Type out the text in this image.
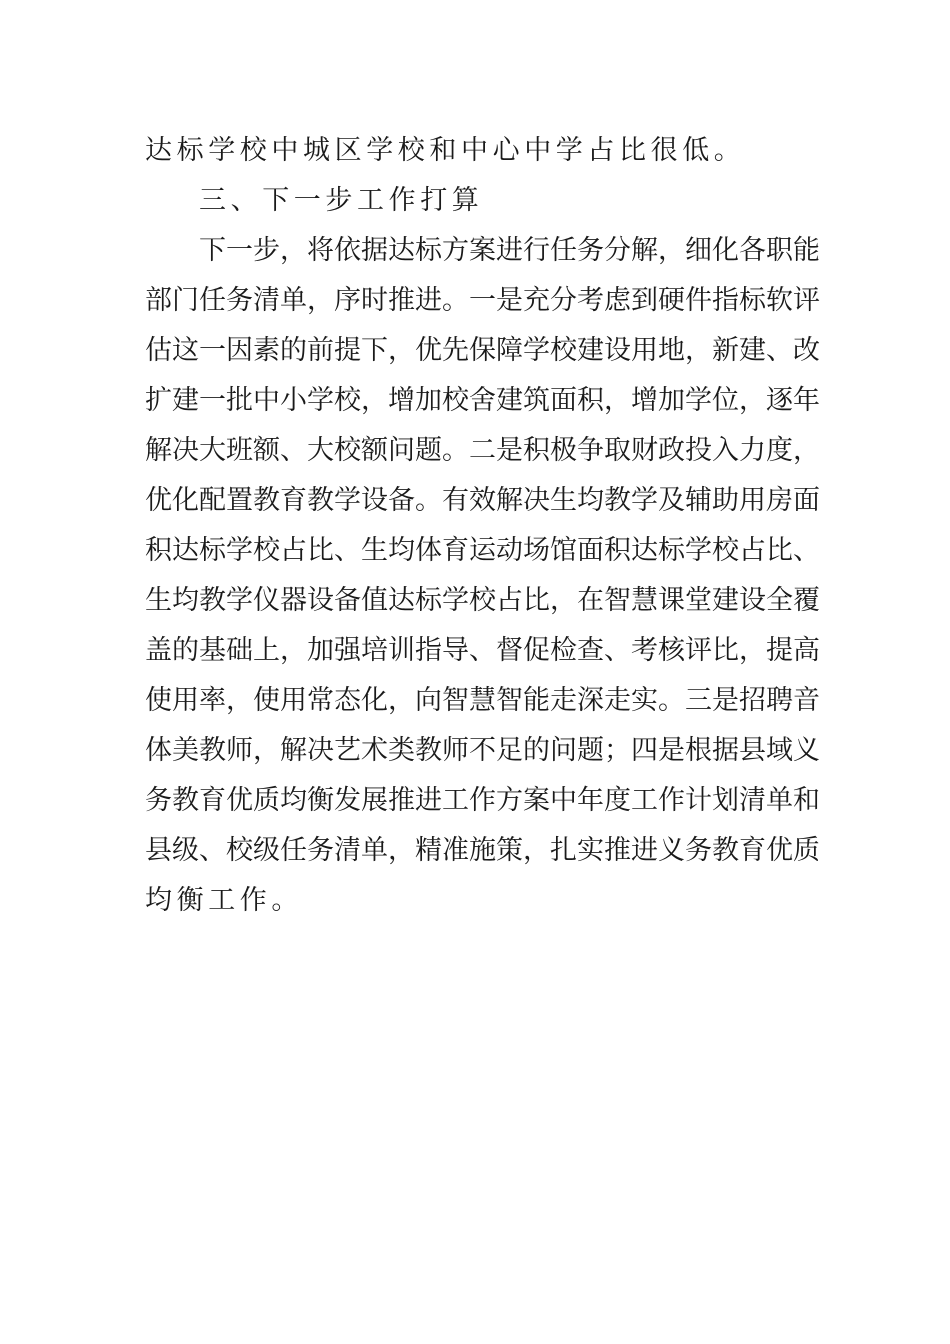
达标学校中城区学校和中心中学占比很低。
三、下一步工作打算
下一步，将依据达标方案进行任务分解，细化各职能
部门任务清单，序时推进。一是充分考虑到硬件指标软评
估这一因素的前提下，优先保障学校建设用地，新建、改
扩建一批中小学校，增加校舍建筑面积，增加学位，逐年
解决大班额、大校额问题。二是积极争取财政投入力度，
优化配置教育教学设备。有效解决生均教学及辅助用房面
积达标学校占比、生均体育运动场馆面积达标学校占比、
生均教学仪器设备值达标学校占比，在智慧课堂建设全覆
盖的基础上，加强培训指导、督促检查、考核评比，提高
使用率，使用常态化，向智慧智能走深走实。三是招聘音
体美教师，解决艺术类教师不足的问题；四是根据县域义
务教育优质均衡发展推进工作方案中年度工作计划清单和
县级、校级任务清单，精准施策，扎实推进义务教育优质
均衡工作。
